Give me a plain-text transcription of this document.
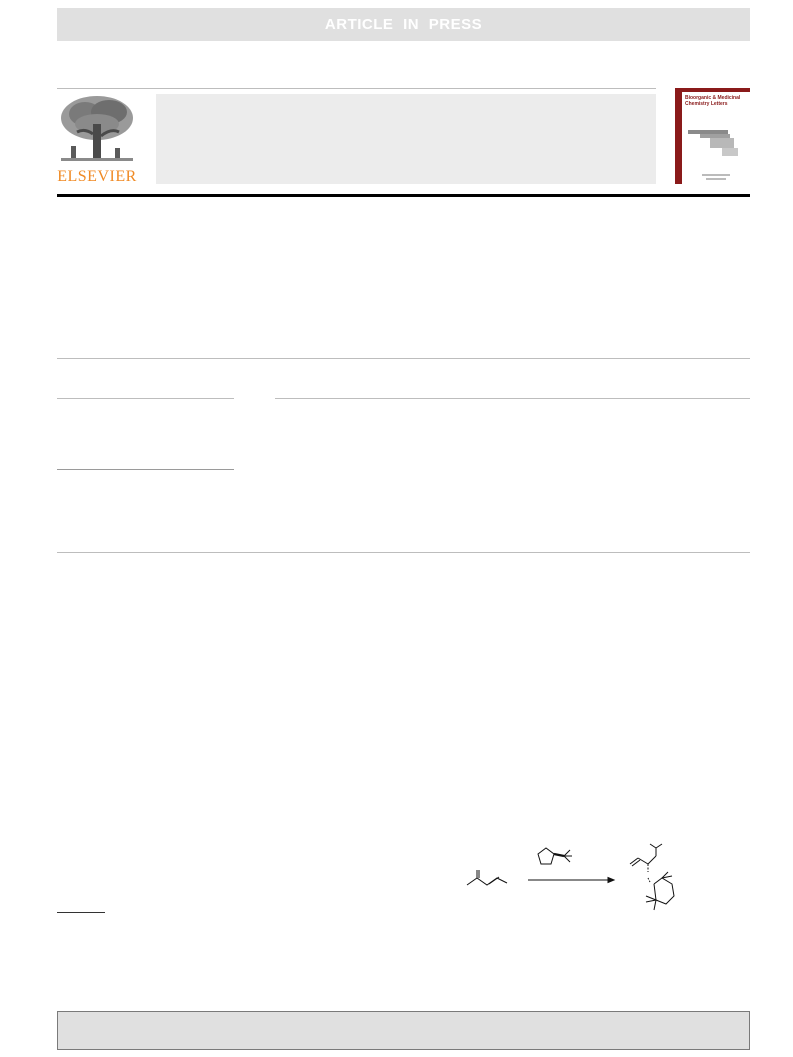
ARTICLE IN PRESS
ELSEVIER
Bioorganic & Medicinal Chemistry Letters
